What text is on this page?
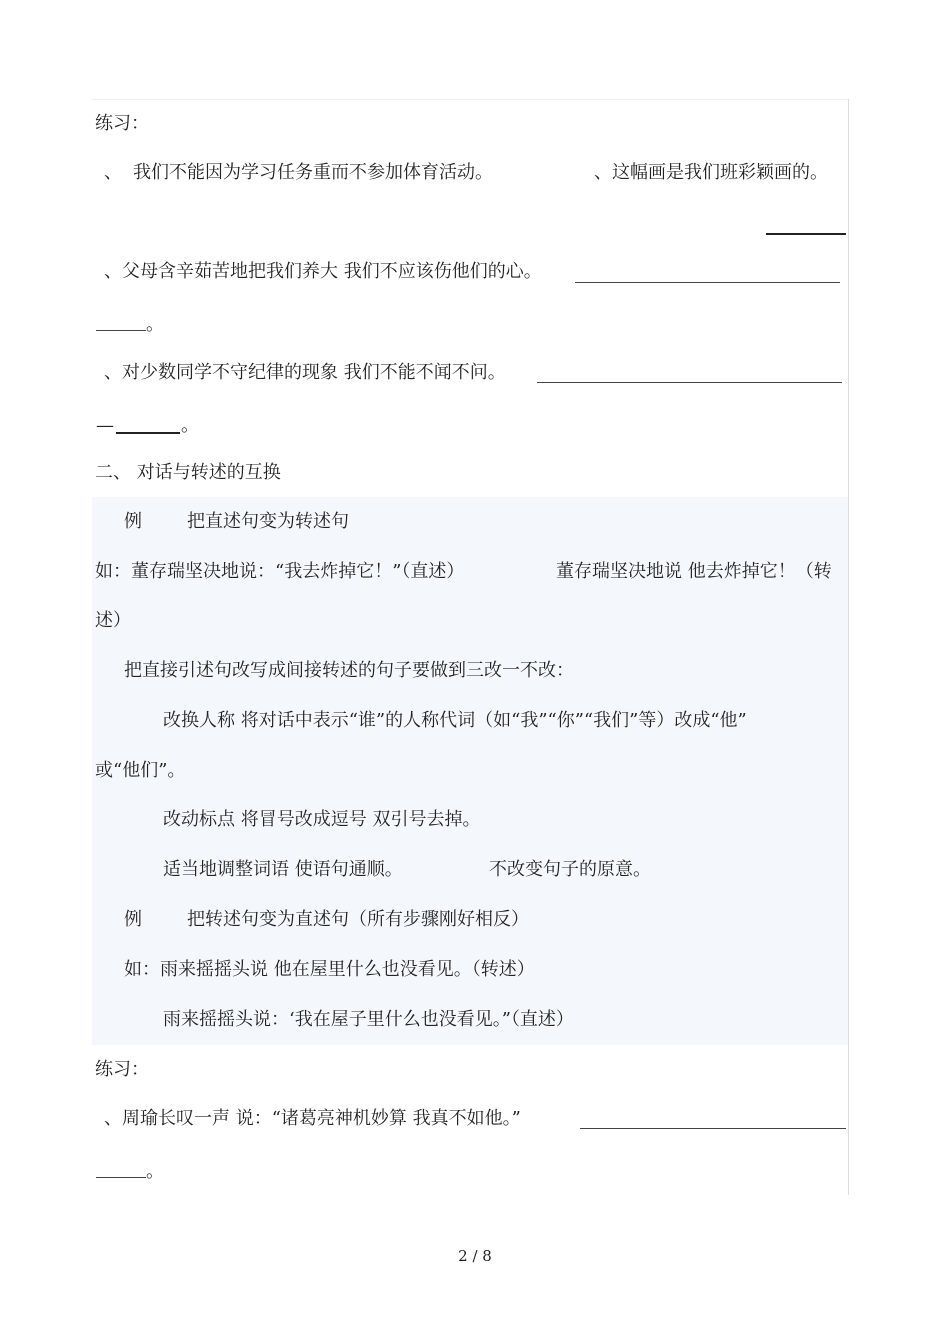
练习：
、 我们不能因为学习任务重而不参加体育活动。	、这幅画是我们班彩颖画的。
、父母含辛茹苦地把我们养大 我们不应该伤他们的心。
。
、对少数同学不守纪律的现象 我们不能不闻不问。
—	。
二、 对话与转述的互换
例	把直述句变为转述句
如：董存瑞坚决地说：“我去炸掉它！”（直述）	董存瑞坚决地说 他去炸掉它！（转
述）
把直接引述句改写成间接转述的句子要做到三改一不改：
改换人称 将对话中表示“谁”的人称代词（如“我”“你”“我们”等）改成“他”
或“他们”。
改动标点 将冒号改成逗号 双引号去掉。
适当地调整词语 使语句通顺。	不改变句子的原意。
例	把转述句变为直述句（所有步骤刚好相反）
如：雨来摇摇头说 他在屋里什么也没看见。（转述）
雨来摇摇头说：‘我在屋子里什么也没看见。”（直述）
练习：
、周瑜长叹一声 说：“诸葛亮神机妙算 我真不如他。”
。
2 / 8
